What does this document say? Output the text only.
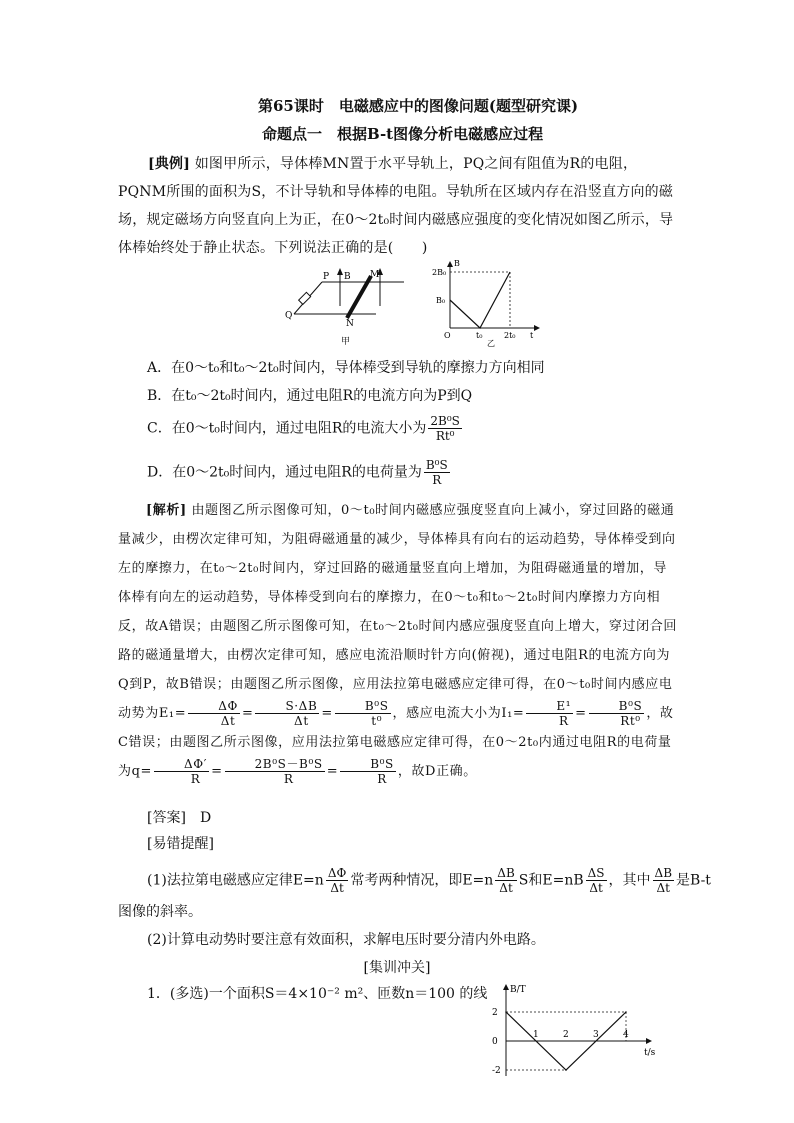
第65课时　电磁感应中的图像问题(题型研究课)
命题点一　根据B-t图像分析电磁感应过程
[典例] 如图甲所示，导体棒MN置于水平导轨上，PQ之间有阻值为R的电阻，PQNM所围的面积为S，不计导轨和导体棒的电阻。导轨所在区域内存在沿竖直方向的磁场，规定磁场方向竖直向上为正，在0～2t₀时间内磁感应强度的变化情况如图乙所示，导体棒始终处于静止状态。下列说法正确的是(　　)
P B M
Q
N
甲
B
2B₀
B₀
O	t₀	2t₀ t
乙
A．在0～t₀和t₀～2t₀时间内，导体棒受到导轨的摩擦力方向相同
B．在t₀～2t₀时间内，通过电阻R的电流方向为P到Q
C．在0～t₀时间内，通过电阻R的电流大小为 $\frac{\text{2B⁰S}}{\text{Rt⁰}}$
D．在0～2t₀时间内，通过电阻R的电荷量为 $\frac{\text{B⁰S}}{R}$
[解析] 由题图乙所示图像可知，0～t₀时间内磁感应强度竖直向上减小，穿过回路的磁通量减少，由楞次定律可知，为阻碍磁通量的减少，导体棒具有向右的运动趋势，导体棒受到向左的摩擦力，在t₀～2t₀时间内，穿过回路的磁通量竖直向上增加，为阻碍磁通量的增加，导体棒有向左的运动趋势，导体棒受到向右的摩擦力，在0～t₀和t₀～2t₀时间内摩擦力方向相反，故A错误；由题图乙所示图像可知，在t₀～2t₀时间内感应强度竖直向上增大，穿过闭合回路的磁通量增大，由楞次定律可知，感应电流沿顺时针方向(俯视)，通过电阻R的电流方向为Q到P，故B错误；由题图乙所示图像，应用法拉第电磁感应定律可得，在0～t₀时间内感应电动势为$E_1= \frac{\Delta\Phi}{\Delta t} = \frac{S\cdot\Delta B}{\Delta t} = \frac{\text{B⁰S}}{\text{t⁰}}$ ，感应电流大小为$I_1= \frac{\text{E¹}}{R} = \frac{\text{B⁰S}}{\text{Rt⁰}}$ ，故C错误；由题图乙所示图像，应用法拉第电磁感应定律可得，在0～2t₀内通过电阻R的电荷量为$q= \frac{\Delta\Phi'}{R} = \frac{\text{2B⁰S－B⁰S}}{R} = \frac{\text{B⁰S}}{R}$ ，故D正确。
[答案]　 D
[易错提醒]
(1)法拉第电磁感应定律$E=n \frac{\Delta\Phi}{\Delta t}$ 常考两种情况，即$E=n \frac{\Delta B}{\Delta t}$ S和$E=nB \frac{\Delta S}{\Delta t}$ ，其中 $\frac{\Delta B}{\Delta t}$ 是B-t
图像的斜率。
(2)计算电动势时要注意有效面积，求解电压时要分清内外电路。
[集训冲关]
1．(多选)一个面积S＝4×10⁻² m²、匝数n＝100 的线	B/T
t/s
2
0
-2
1	2	3	4
